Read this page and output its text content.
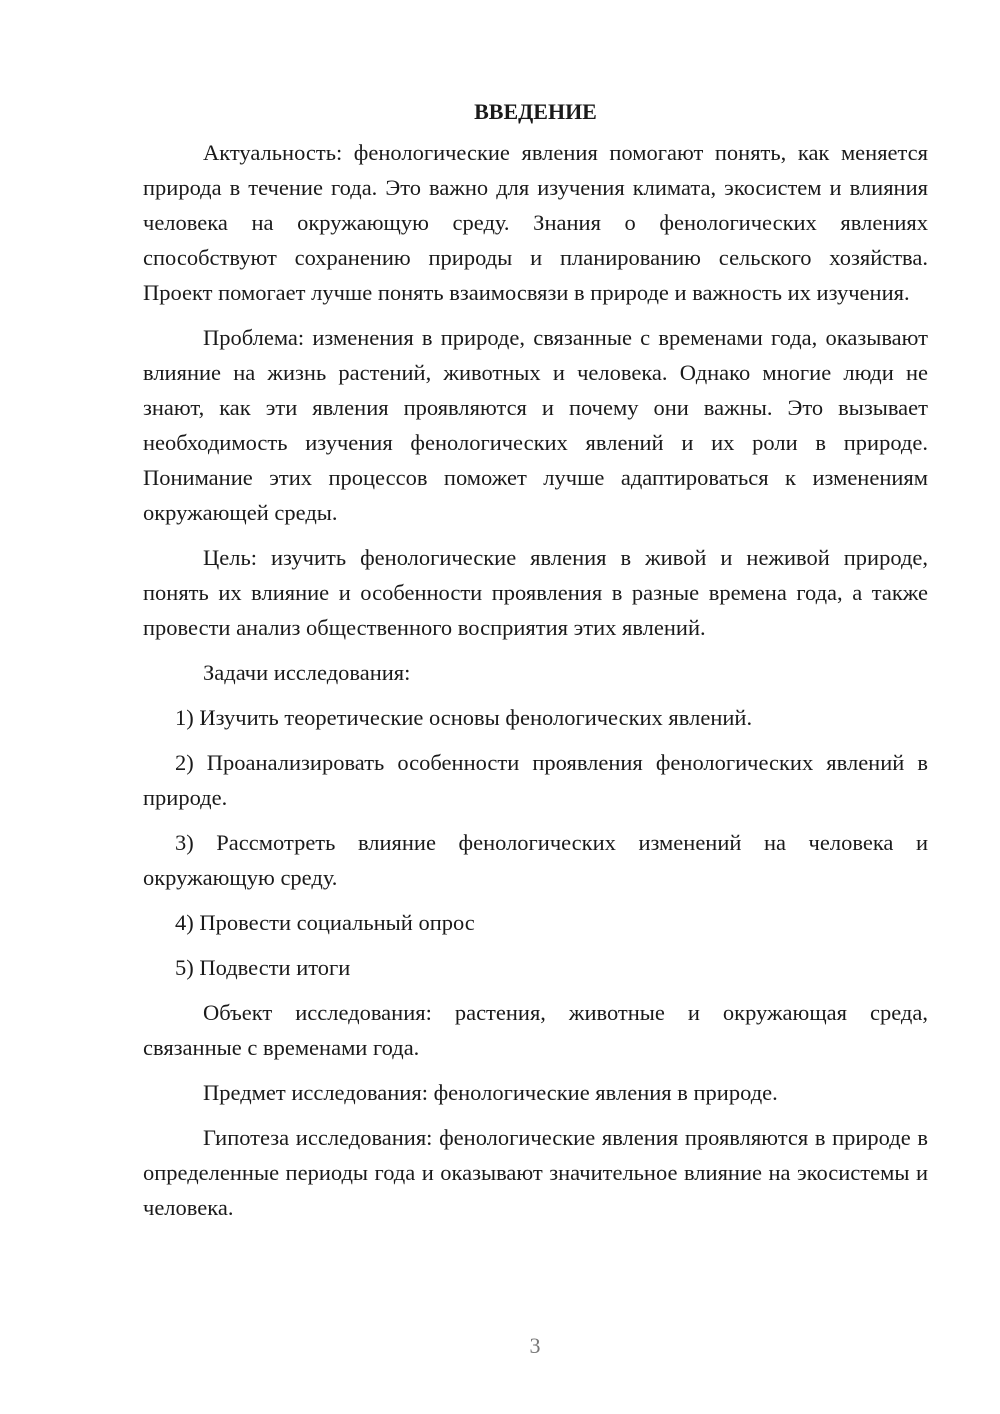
ВВЕДЕНИЕ

Актуальность: фенологические явления помогают понять, как меняется природа в течение года. Это важно для изучения климата, экосистем и влияния человека на окружающую среду. Знания о фенологических явлениях способствуют сохранению природы и планированию сельского хозяйства. Проект помогает лучше понять взаимосвязи в природе и важность их изучения.

Проблема: изменения в природе, связанные с временами года, оказывают влияние на жизнь растений, животных и человека. Однако многие люди не знают, как эти явления проявляются и почему они важны. Это вызывает необходимость изучения фенологических явлений и их роли в природе. Понимание этих процессов поможет лучше адаптироваться к изменениям окружающей среды.

Цель: изучить фенологические явления в живой и неживой природе, понять их влияние и особенности проявления в разные времена года, а также провести анализ общественного восприятия этих явлений.

Задачи исследования:

1) Изучить теоретические основы фенологических явлений.

2) Проанализировать особенности проявления фенологических явлений в природе.

3) Рассмотреть влияние фенологических изменений на человека и окружающую среду.

4) Провести социальный опрос

5) Подвести итоги

Объект исследования: растения, животные и окружающая среда, связанные с временами года.

Предмет исследования: фенологические явления в природе.

Гипотеза исследования: фенологические явления проявляются в природе в определенные периоды года и оказывают значительное влияние на экосистемы и человека.

3
